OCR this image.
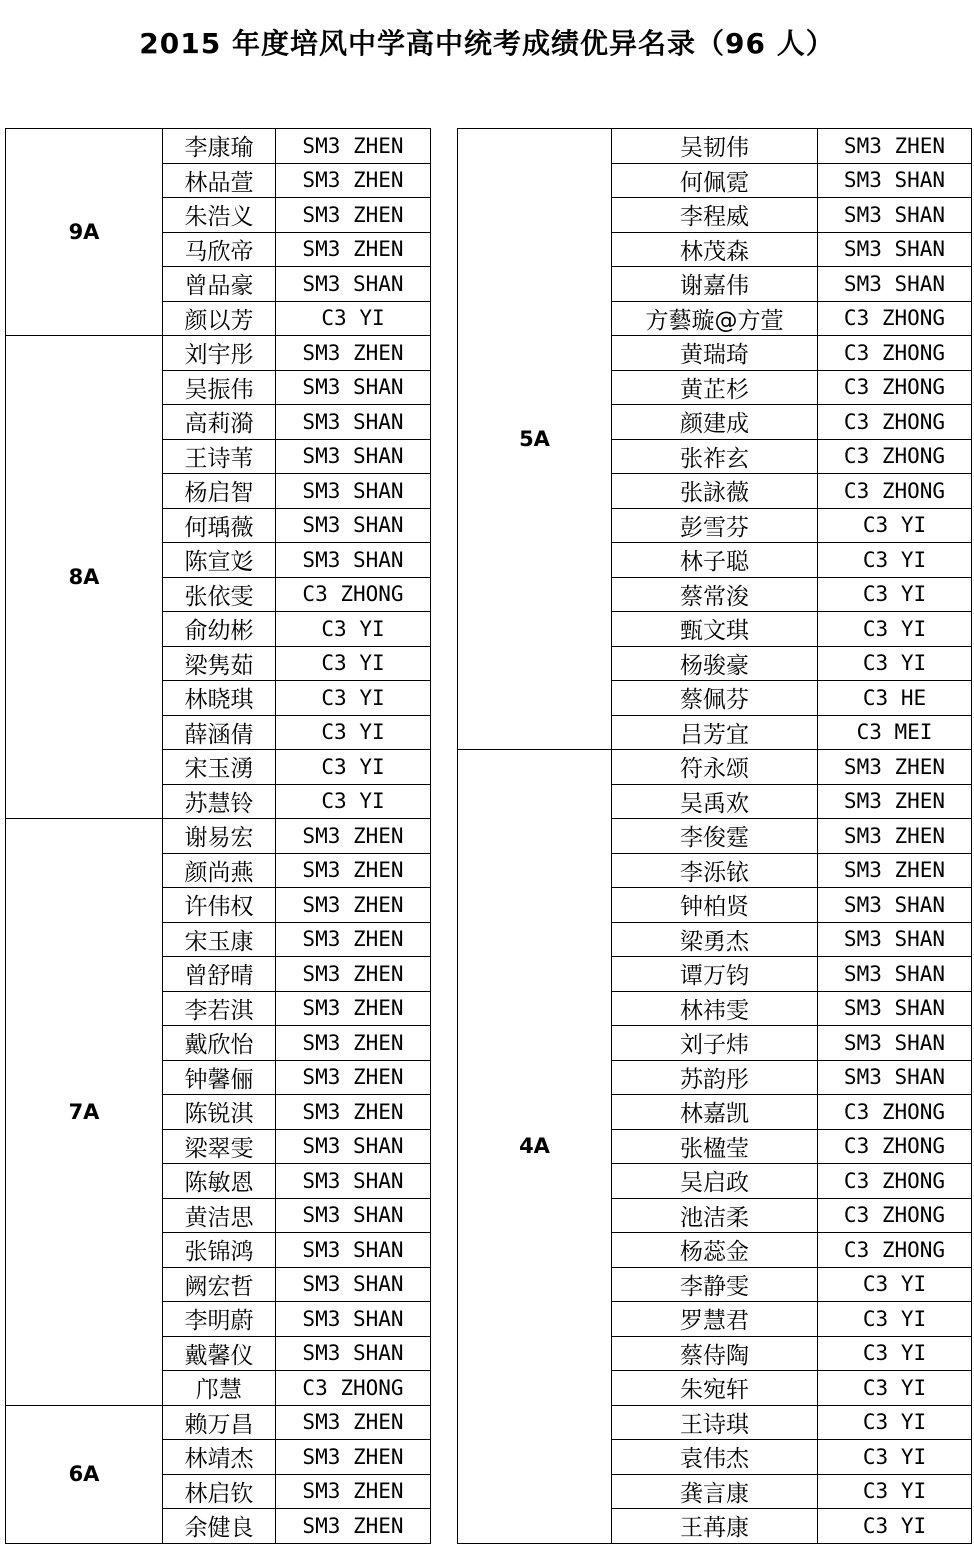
2015 年度培风中学高中统考成绩优异名录（96 人）
9A	李康瑜	SM3 ZHEN
	林品萱	SM3 ZHEN
	朱浩义	SM3 ZHEN
	马欣帝	SM3 ZHEN
	曾品豪	SM3 SHAN
	颜以芳	C3 YI
8A	刘宇彤	SM3 ZHEN
	吴振伟	SM3 SHAN
	高莉漪	SM3 SHAN
	王诗苇	SM3 SHAN
	杨启智	SM3 SHAN
	何瑀薇	SM3 SHAN
	陈宣彣	SM3 SHAN
	张依雯	C3 ZHONG
	俞幼彬	C3 YI
	梁隽茹	C3 YI
	林晓琪	C3 YI
	薛涵倩	C3 YI
	宋玉湧	C3 YI
	苏慧铃	C3 YI
7A	谢易宏	SM3 ZHEN
	颜尚燕	SM3 ZHEN
	许伟权	SM3 ZHEN
	宋玉康	SM3 ZHEN
	曾舒晴	SM3 ZHEN
	李若淇	SM3 ZHEN
	戴欣怡	SM3 ZHEN
	钟馨俪	SM3 ZHEN
	陈锐淇	SM3 ZHEN
	梁翠雯	SM3 SHAN
	陈敏恩	SM3 SHAN
	黄洁思	SM3 SHAN
	张锦鸿	SM3 SHAN
	阙宏哲	SM3 SHAN
	李明蔚	SM3 SHAN
	戴馨仪	SM3 SHAN
	邝慧	C3 ZHONG
6A	赖万昌	SM3 ZHEN
	林靖杰	SM3 ZHEN
	林启钦	SM3 ZHEN
	余健良	SM3 ZHEN
5A	吴韧伟	SM3 ZHEN
	何佩霓	SM3 SHAN
	李程威	SM3 SHAN
	林茂森	SM3 SHAN
	谢嘉伟	SM3 SHAN
	方藝璇@方萱	C3 ZHONG
	黄瑞琦	C3 ZHONG
	黄芷杉	C3 ZHONG
	颜建成	C3 ZHONG
	张祚玄	C3 ZHONG
	张詠薇	C3 ZHONG
	彭雪芬	C3 YI
	林子聪	C3 YI
	蔡常浚	C3 YI
	甄文琪	C3 YI
	杨骏豪	C3 YI
	蔡佩芬	C3 HE
	吕芳宜	C3 MEI
4A	符永颂	SM3 ZHEN
	吴禹欢	SM3 ZHEN
	李俊霆	SM3 ZHEN
	李泺铱	SM3 ZHEN
	钟柏贤	SM3 SHAN
	梁勇杰	SM3 SHAN
	谭万钧	SM3 SHAN
	林祎雯	SM3 SHAN
	刘子炜	SM3 SHAN
	苏韵彤	SM3 SHAN
	林嘉凯	C3 ZHONG
	张楹莹	C3 ZHONG
	吴启政	C3 ZHONG
	池洁柔	C3 ZHONG
	杨蕊金	C3 ZHONG
	李静雯	C3 YI
	罗慧君	C3 YI
	蔡侍陶	C3 YI
	朱宛轩	C3 YI
	王诗琪	C3 YI
	袁伟杰	C3 YI
	龚言康	C3 YI
	王苒康	C3 YI
